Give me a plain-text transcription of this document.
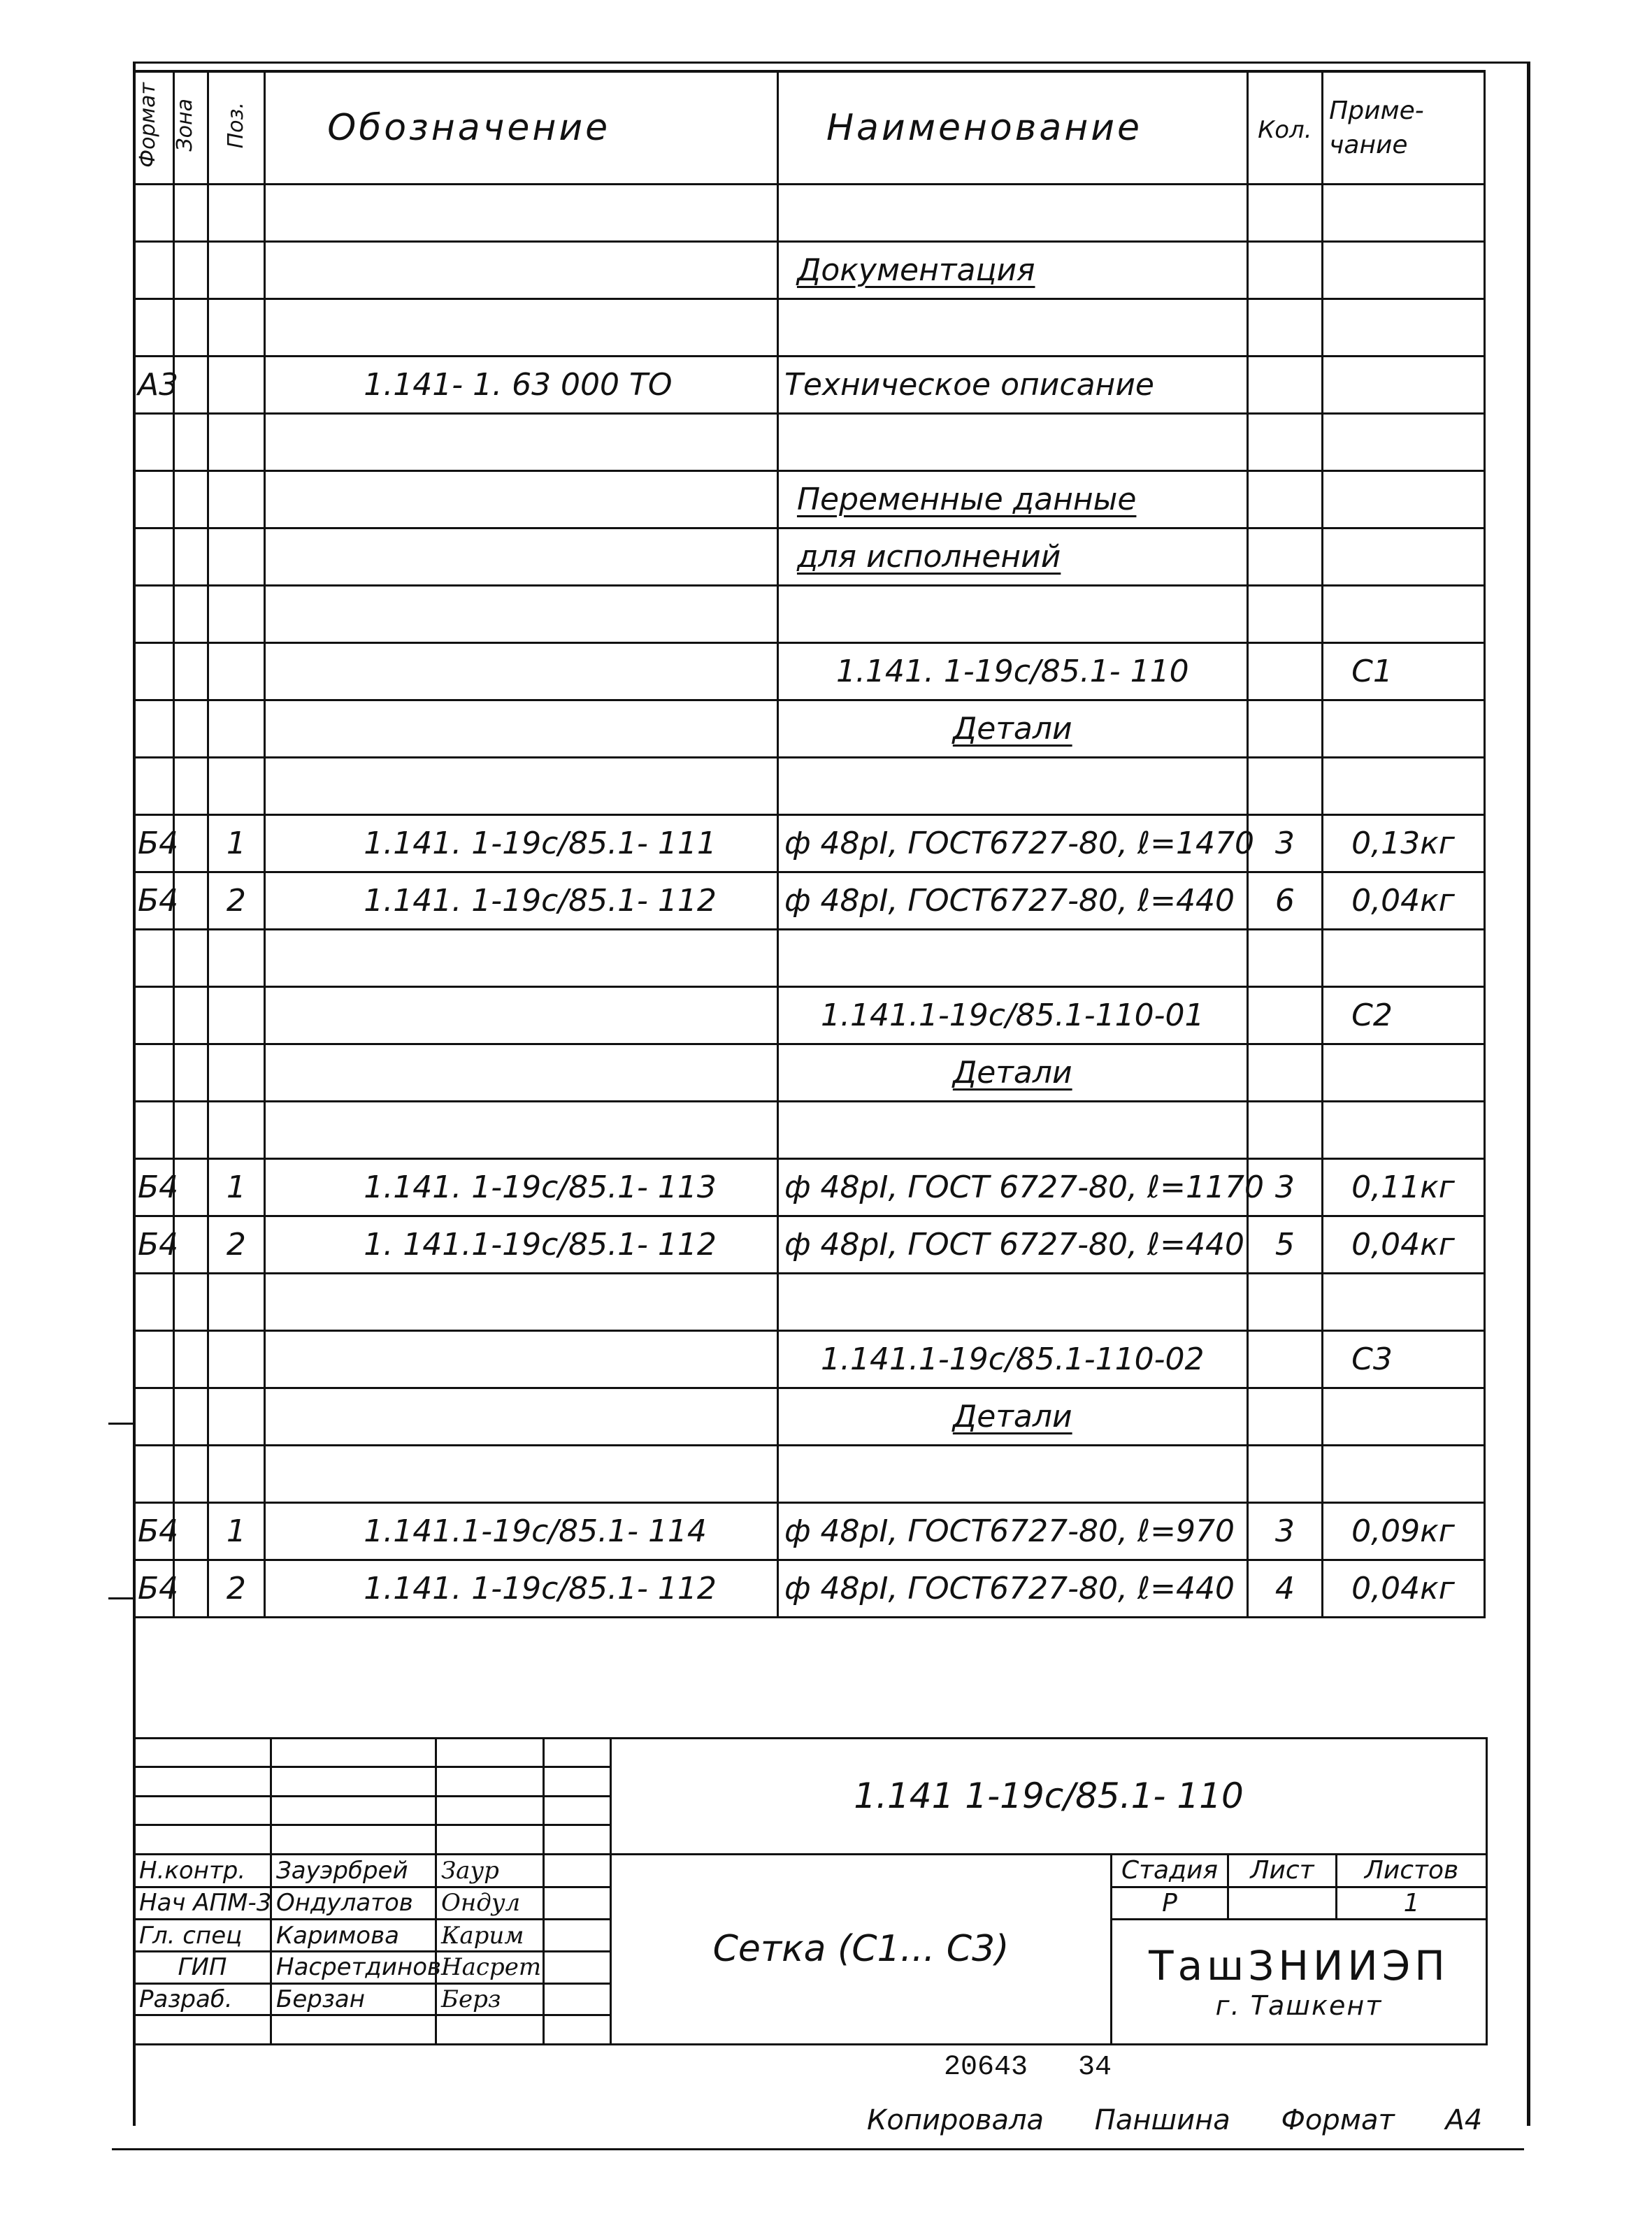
Формат	Зона	Поз.	Обозначение	Наименование	Кол.	Приме-
чание

				Документация		

А3			1.141- 1. 63 000 ТО	Техническое описание		

				Переменные данные		
				для исполнений		

				1.141. 1-19с/85.1- 110		С1
				Детали		

Б4		1	1.141. 1-19с/85.1- 111	ф 48рI, ГОСТ6727-80, ℓ=1470	3	0,13кг
Б4		2	1.141. 1-19с/85.1- 112	ф 48рI, ГОСТ6727-80, ℓ=440	6	0,04кг

				1.141.1-19с/85.1-110-01		С2
				Детали		

Б4		1	1.141. 1-19с/85.1- 113	ф 48рI, ГОСТ 6727-80, ℓ=1170	3	0,11кг
Б4		2	1. 141.1-19с/85.1- 112	ф 48рI, ГОСТ 6727-80, ℓ=440	5	0,04кг

				1.141.1-19с/85.1-110-02		С3
				Детали		

Б4		1	1.141.1-19с/85.1- 114	ф 48рI, ГОСТ6727-80, ℓ=970	3	0,09кг
Б4		2	1.141. 1-19с/85.1- 112	ф 48рI, ГОСТ6727-80, ℓ=440	4	0,04кг
				1.141 1-19с/85.1- 110			

Н.контр.	Зауэрбрей	Заур		Сетка (С1... С3)	Стадия	Лист	Листов
Нач АПМ-3	Ондулатов	Ондул			Р		1
Гл. спец	Каримова	Карим			ТашЗНИИЭП
г. Ташкент		

ГИП	Насретдинов	Насрет					
Разраб.	Берзан	Берз					

20643 34
Копировала Паншина Формат А4
